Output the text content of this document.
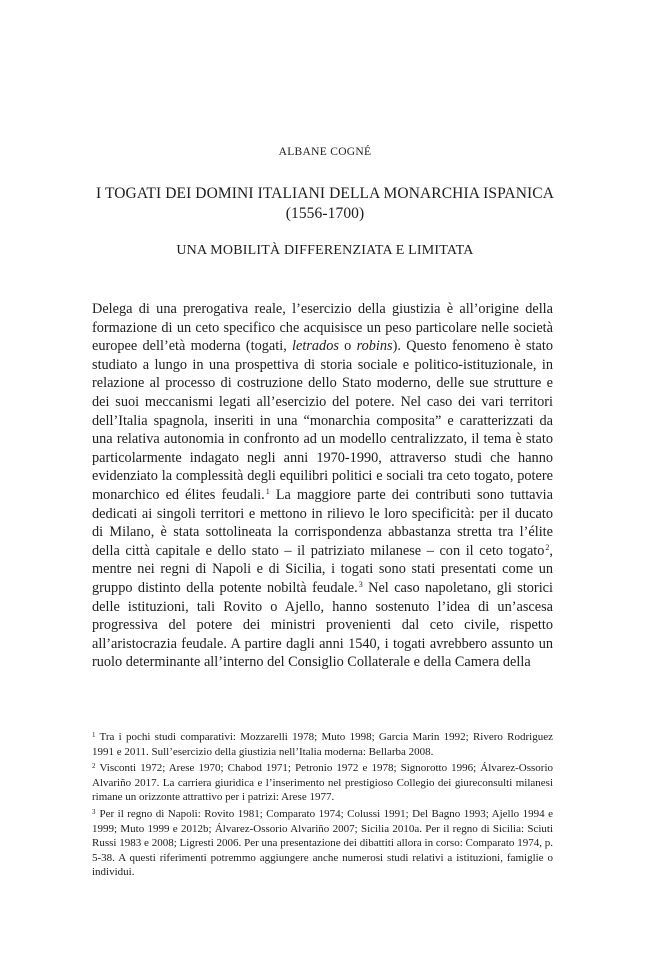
ALBANE COGNÉ
I TOGATI DEI DOMINI ITALIANI DELLA MONARCHIA ISPANICA (1556-1700)
UNA MOBILITÀ DIFFERENZIATA E LIMITATA

Delega di una prerogativa reale, l’esercizio della giustizia è all’origine della formazione di un ceto specifico che acquisisce un peso particolare nelle società europee dell’età moderna (togati, letrados o robins). Questo fenomeno è stato studiato a lungo in una prospettiva di storia sociale e politico-istituzionale, in relazione al processo di costruzione dello Stato moderno, delle sue strutture e dei suoi meccanismi legati all’esercizio del potere. Nel caso dei vari territori dell’Italia spagnola, inseriti in una “monarchia composita” e caratterizzati da una relativa autonomia in confronto ad un modello centralizzato, il tema è stato particolarmente indagato negli anni 1970-1990, attraverso studi che hanno evidenziato la complessità degli equilibri politici e sociali tra ceto togato, potere monarchico ed élites feudali.$^1$ La maggiore parte dei contributi sono tuttavia dedicati ai singoli territori e mettono in rilievo le loro specificità: per il ducato di Milano, è stata sottolineata la corrispondenza abbastanza stretta tra l’élite della città capitale e dello stato – il patriziato milanese – con il ceto togato$^2$, mentre nei regni di Napoli e di Sicilia, i togati sono stati presentati come un gruppo distinto della potente nobiltà feudale.$^3$ Nel caso napoletano, gli storici delle istituzioni, tali Rovito o Ajello, hanno sostenuto l’idea di un’ascesa progressiva del potere dei ministri provenienti dal ceto civile, rispetto all’aristocrazia feudale. A partire dagli anni 1540, i togati avrebbero assunto un ruolo determinante all’interno del Consiglio Collaterale e della Camera della

$^1$ Tra i pochi studi comparativi: Mozzarelli 1978; Muto 1998; Garcia Marin 1992; Rivero Rodriguez 1991 e 2011. Sull’esercizio della giustizia nell’Italia moderna: Bellarba 2008.

$^2$ Visconti 1972; Arese 1970; Chabod 1971; Petronio 1972 e 1978; Signorotto 1996; Álvarez-Ossorio Alvariño 2017. La carriera giuridica e l’inserimento nel prestigioso Collegio dei giureconsulti milanesi rimane un orizzonte attrattivo per i patrizi: Arese 1977.

$^3$ Per il regno di Napoli: Rovito 1981; Comparato 1974; Colussi 1991; Del Bagno 1993; Ajello 1994 e 1999; Muto 1999 e 2012b; Álvarez-Ossorio Alvariño 2007; Sicilia 2010a. Per il regno di Sicilia: Sciuti Russi 1983 e 2008; Ligresti 2006. Per una presentazione dei dibattiti allora in corso: Comparato 1974, p. 5-38. A questi riferimenti potremmo aggiungere anche numerosi studi relativi a istituzioni, famiglie o individui.
